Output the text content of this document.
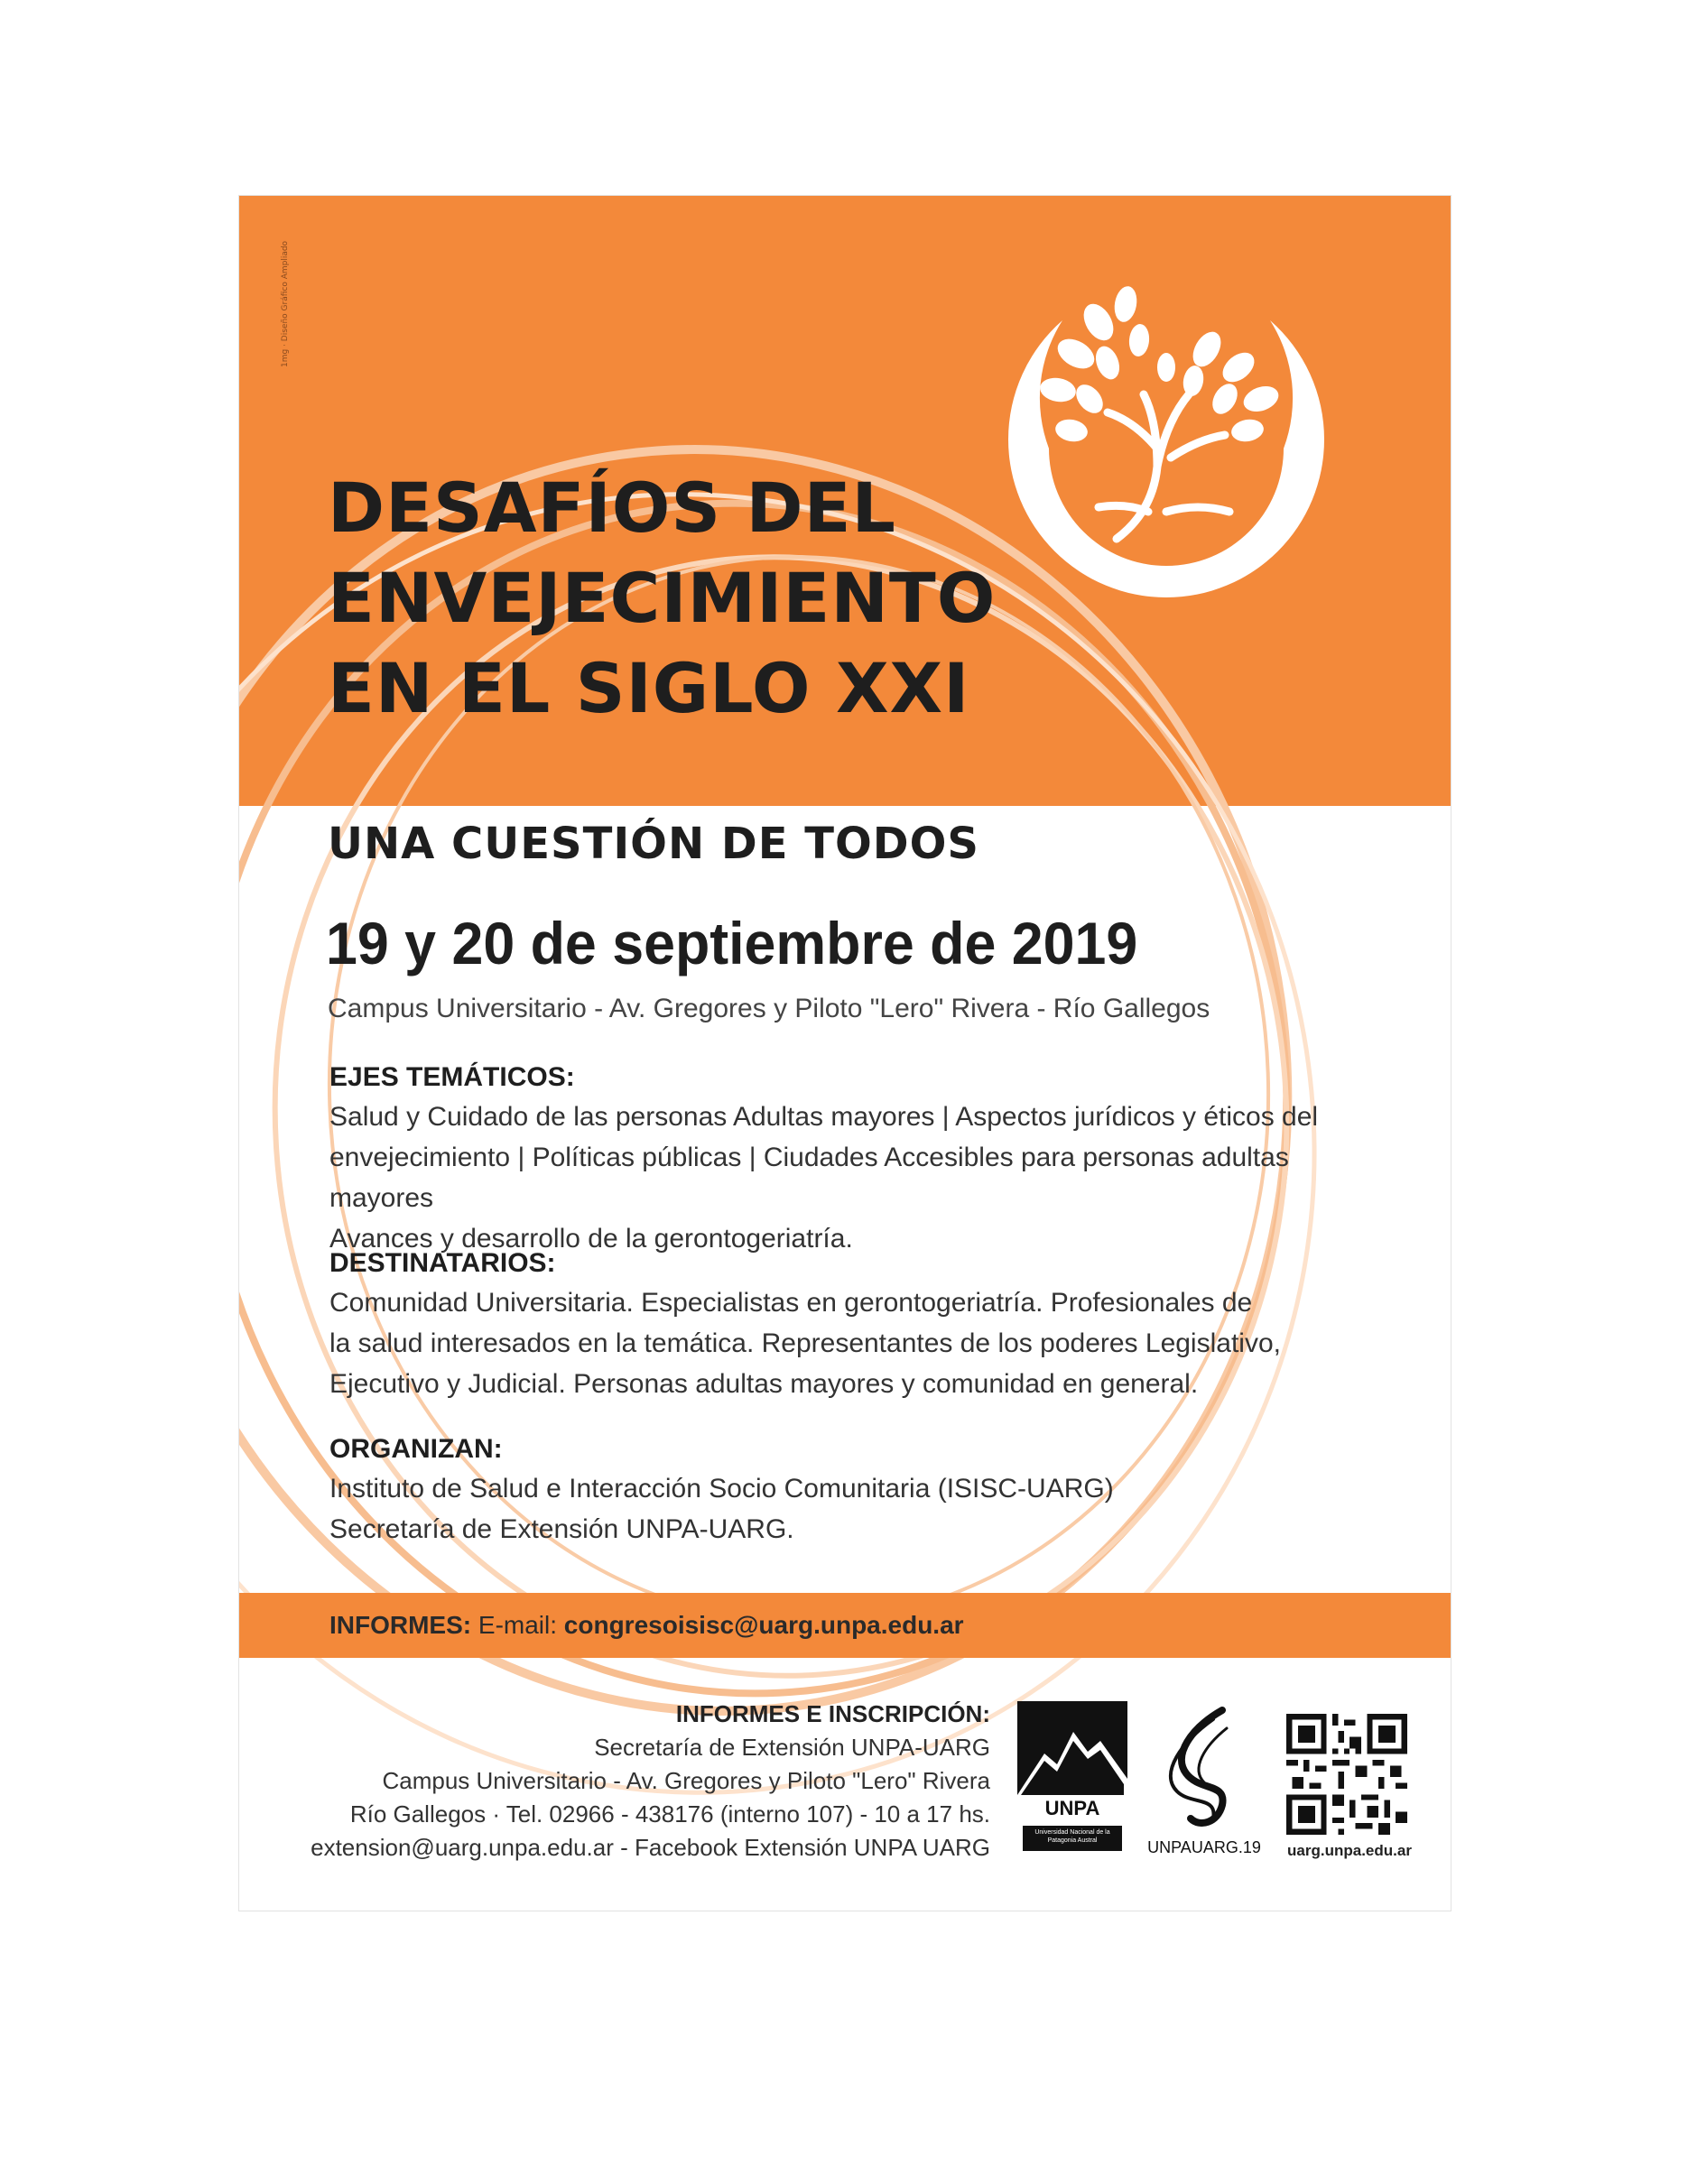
1mg · Diseño Gráfico Ampliado
DESAFÍOS DEL
ENVEJECIMIENTO
EN EL SIGLO XXI
UNA CUESTIÓN DE TODOS
19 y 20 de septiembre de 2019
Campus Universitario - Av. Gregores y Piloto "Lero" Rivera - Río Gallegos
EJES TEMÁTICOS:

Salud y Cuidado de las personas Adultas mayores | Aspectos jurídicos y éticos del
envejecimiento | Políticas públicas | Ciudades Accesibles para personas adultas mayores
Avances y desarrollo de la gerontogeriatría.

DESTINATARIOS:

Comunidad Universitaria. Especialistas en gerontogeriatría. Profesionales de
la salud interesados en la temática. Representantes de los poderes Legislativo,
Ejecutivo y Judicial. Personas adultas mayores y comunidad en general.

ORGANIZAN:

Instituto de Salud e Interacción Socio Comunitaria (ISISC-UARG)
Secretaría de Extensión UNPA-UARG.

INFORMES: E-mail: congresoisisc@uarg.unpa.edu.ar
INFORMES E INSCRIPCIÓN:
Secretaría de Extensión UNPA-UARG
Campus Universitario - Av. Gregores y Piloto "Lero" Rivera
Río Gallegos · Tel. 02966 - 438176 (interno 107) - 10 a 17 hs.
extension@uarg.unpa.edu.ar - Facebook Extensión UNPA UARG
UNPA
Universidad Nacional de la Patagonia Austral	UNPAUARG.19	uarg.unpa.edu.ar
